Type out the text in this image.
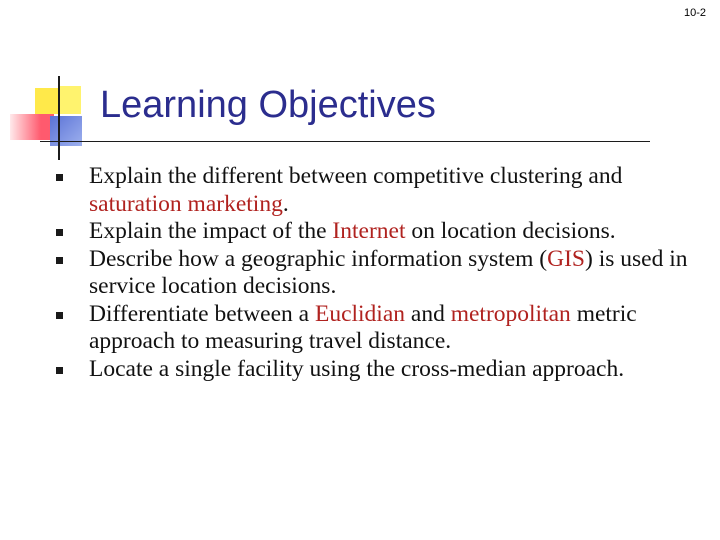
10-2
Learning Objectives
Explain the different between competitive clustering and saturation marketing.
Explain the impact of the Internet on location decisions.
Describe how a geographic information system (GIS) is used in service location decisions.
Differentiate between a Euclidian and metropolitan metric approach to measuring travel distance.
Locate a single facility using the cross-median approach.
